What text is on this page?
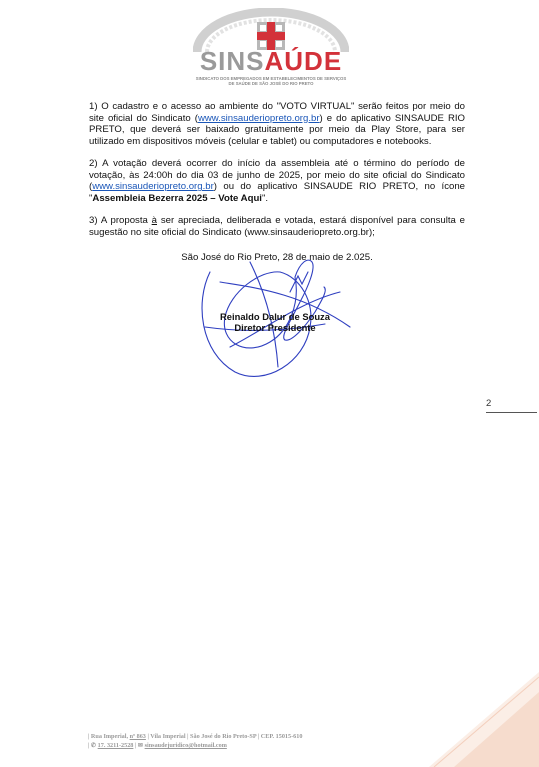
SINSAÚDE
SINDICATO DOS EMPREGADOS EM ESTABELECIMENTOS DE SERVIÇOS
DE SAÚDE DE SÃO JOSÉ DO RIO PRETO
1) O cadastro e o acesso ao ambiente do "VOTO VIRTUAL" serão feitos por meio do site oficial do Sindicato (www.sinsauderiopreto.org.br) e do aplicativo SINSAUDE RIO PRETO, que deverá ser baixado gratuitamente por meio da Play Store, para ser utilizado em dispositivos móveis (celular e tablet) ou computadores e notebooks.
2) A votação deverá ocorrer do início da assembleia até o término do período de votação, às 24:00h do dia 03 de junho de 2025, por meio do site oficial do Sindicato (www.sinsauderiopreto.org.br) ou do aplicativo SINSAUDE RIO PRETO, no ícone "Assembleia Bezerra 2025 – Vote Aqui".
3) A proposta à ser apreciada, deliberada e votada, estará disponível para consulta e sugestão no site oficial do Sindicato (www.sinsauderiopreto.org.br);
São José do Rio Preto, 28 de maio de 2.025.
Reinaldo Dalur de Souza
Diretor Presidente
2
| Rua Imperial, nº 863 | Vila Imperial | São José do Rio Preto-SP | CEP. 15015-610
| ✆ 17. 3211-2528 | ✉ sinsaudejuridico@hotmail.com
